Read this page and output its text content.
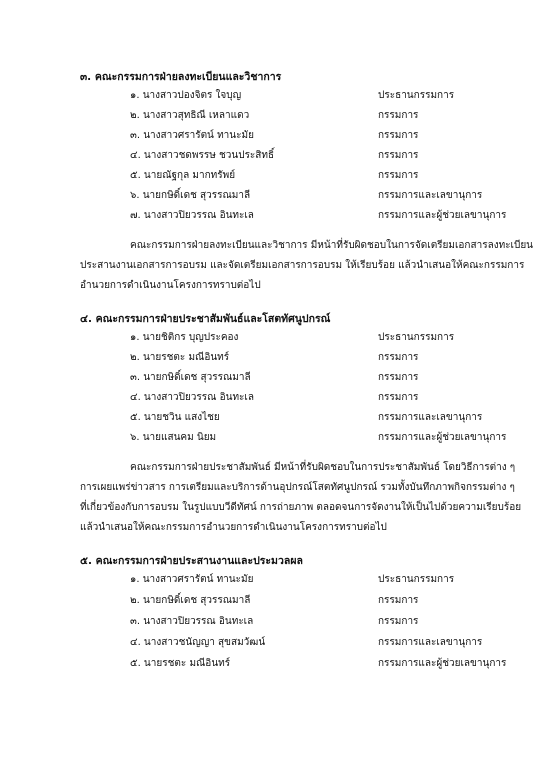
๓. คณะกรรมการฝ่ายลงทะเบียนและวิชาการ
๑. นางสาวปองจิตร ใจบุญ	ประธานกรรมการ
๒. นางสาวสุทธิณี เหลาแดว	กรรมการ
๓. นางสาวศรารัตน์ ทานะมัย	กรรมการ
๔. นางสาวชดพรรษ ชวนประสิทธิ์	กรรมการ
๕. นายณัฐกุล มากทรัพย์	กรรมการ
๖. นายกษิดิ์เดช สุวรรณมาลี	กรรมการและเลขานุการ
๗. นางสาวปิยวรรณ อินทะเล	กรรมการและผู้ช่วยเลขานุการ
คณะกรรมการฝ่ายลงทะเบียนและวิชาการ มีหน้าที่รับผิดชอบในการจัดเตรียมเอกสารลงทะเบียน
ประสานงานเอกสารการอบรม และจัดเตรียมเอกสารการอบรม ให้เรียบร้อย แล้วนำเสนอให้คณะกรรมการ
อำนวยการดำเนินงานโครงการทราบต่อไป
๔. คณะกรรมการฝ่ายประชาสัมพันธ์และโสตทัศนูปกรณ์
๑. นายชิติกร บุญประคอง	ประธานกรรมการ
๒. นายรชตะ มณีอินทร์	กรรมการ
๓. นายกษิดิ์เดช สุวรรณมาลี	กรรมการ
๔. นางสาวปิยวรรณ อินทะเล	กรรมการ
๕. นายชวิน แสงไชย	กรรมการและเลขานุการ
๖. นายแสนคม นิยม	กรรมการและผู้ช่วยเลขานุการ
คณะกรรมการฝ่ายประชาสัมพันธ์ มีหน้าที่รับผิดชอบในการประชาสัมพันธ์ โดยวิธีการต่าง ๆ
การเผยแพร่ข่าวสาร การเตรียมและบริการด้านอุปกรณ์โสตทัศนูปกรณ์ รวมทั้งบันทึกภาพกิจกรรมต่าง ๆ
ที่เกี่ยวข้องกับการอบรม ในรูปแบบวีดีทัศน์ การถ่ายภาพ ตลอดจนการจัดงานให้เป็นไปด้วยความเรียบร้อย
แล้วนำเสนอให้คณะกรรมการอำนวยการดำเนินงานโครงการทราบต่อไป
๕. คณะกรรมการฝ่ายประสานงานและประมวลผล
๑. นางสาวศรารัตน์ ทานะมัย	ประธานกรรมการ
๒. นายกษิดิ์เดช สุวรรณมาลี	กรรมการ
๓. นางสาวปิยวรรณ อินทะเล	กรรมการ
๔. นางสาวชนัญญา สุขสมวัฒน์	กรรมการและเลขานุการ
๕. นายรชตะ มณีอินทร์	กรรมการและผู้ช่วยเลขานุการ
